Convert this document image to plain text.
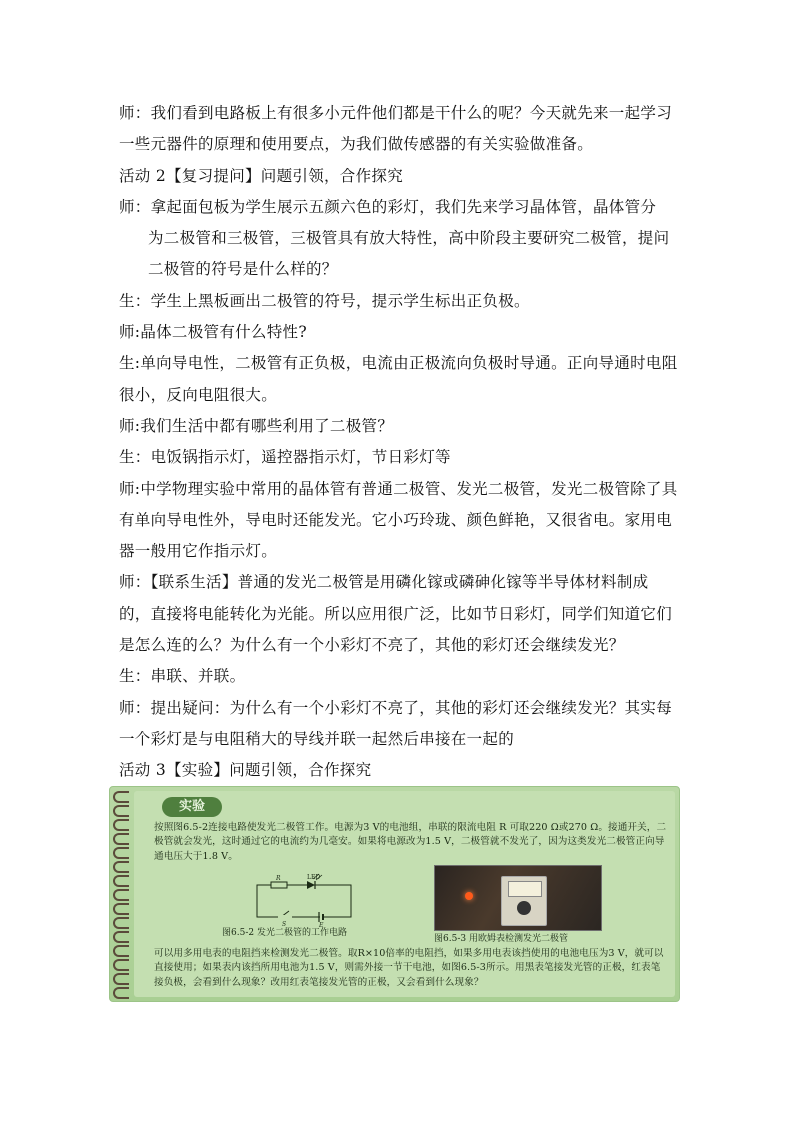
师：我们看到电路板上有很多小元件他们都是干什么的呢？今天就先来一起学习一些元器件的原理和使用要点，为我们做传感器的有关实验做准备。

活动 2【复习提问】问题引领，合作探究

师：拿起面包板为学生展示五颜六色的彩灯，我们先来学习晶体管，晶体管分

为二极管和三极管，三极管具有放大特性，高中阶段主要研究二极管，提问二极管的符号是什么样的？

生：学生上黑板画出二极管的符号，提示学生标出正负极。

师:晶体二极管有什么特性?

生:单向导电性，二极管有正负极，电流由正极流向负极时导通。正向导通时电阻很小，反向电阻很大。

师:我们生活中都有哪些利用了二极管？

生：电饭锅指示灯，遥控器指示灯，节日彩灯等

师:中学物理实验中常用的晶体管有普通二极管、发光二极管，发光二极管除了具有单向导电性外，导电时还能发光。它小巧玲珑、颜色鲜艳，又很省电。家用电器一般用它作指示灯。

师：【联系生活】普通的发光二极管是用磷化镓或磷砷化镓等半导体材料制成的，直接将电能转化为光能。所以应用很广泛，比如节日彩灯，同学们知道它们是怎么连的么？为什么有一个小彩灯不亮了，其他的彩灯还会继续发光？

生：串联、并联。

师：提出疑问：为什么有一个小彩灯不亮了，其他的彩灯还会继续发光？其实每一个彩灯是与电阻稍大的导线并联一起然后串接在一起的

活动 3【实验】问题引领，合作探究

实验
按照图6.5-2连接电路使发光二极管工作。电源为3 V的电池组，串联的限流电阻 R 可取220 Ω或270 Ω。接通开关，二极管就会发光，这时通过它的电流约为几毫安。如果将电源改为1.5 V，二极管就不发光了，因为这类发光二极管正向导通电压大于1.8 V。
LED
R
S	E
图6.5-2 发光二极管的工作电路
图6.5-3 用欧姆表检测发光二极管
可以用多用电表的电阻挡来检测发光二极管。取R×10倍率的电阻挡，如果多用电表该挡使用的电池电压为3 V，就可以直接使用；如果表内该挡所用电池为1.5 V，则需外接一节干电池，如图6.5-3所示。用黑表笔接发光管的正极，红表笔接负极，会看到什么现象？改用红表笔接发光管的正极，又会看到什么现象？
